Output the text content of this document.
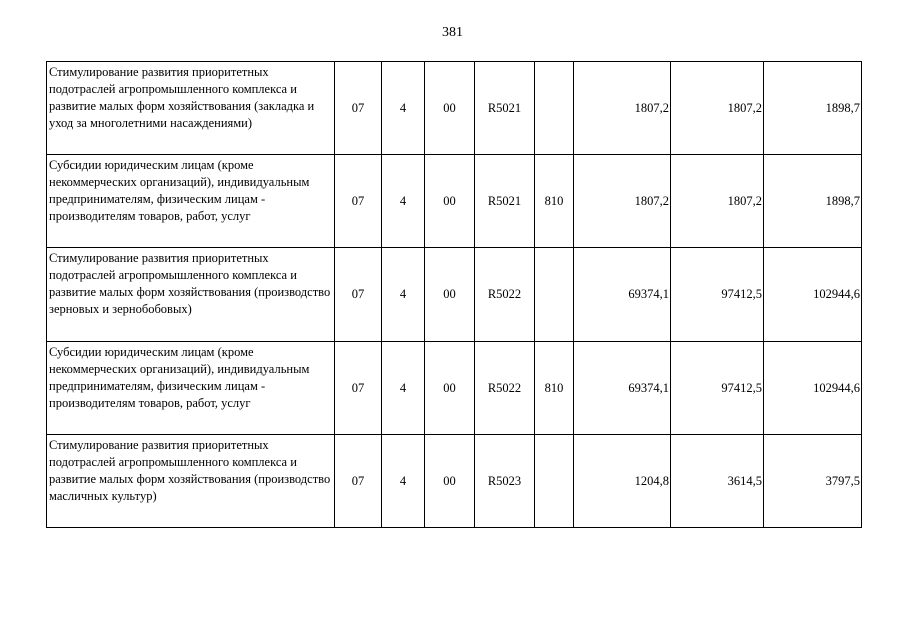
381
Стимулирование развития приоритетных подотраслей агропромышленного комплекса и развитие малых форм хозяйствования (закладка и уход за многолетними насаждениями)	07	4	00	R5021		1807,2	1807,2	1898,7
Субсидии юридическим лицам (кроме некоммерческих организаций), индивидуальным предпринимателям, физическим лицам - производителям товаров, работ, услуг	07	4	00	R5021	810	1807,2	1807,2	1898,7
Стимулирование развития приоритетных подотраслей агропромышленного комплекса и развитие малых форм хозяйствования (производство зерновых и зернобобовых)	07	4	00	R5022		69374,1	97412,5	102944,6
Субсидии юридическим лицам (кроме некоммерческих организаций), индивидуальным предпринимателям, физическим лицам - производителям товаров, работ, услуг	07	4	00	R5022	810	69374,1	97412,5	102944,6
Стимулирование развития приоритетных подотраслей агропромышленного комплекса и развитие малых форм хозяйствования (производство масличных культур)	07	4	00	R5023		1204,8	3614,5	3797,5
